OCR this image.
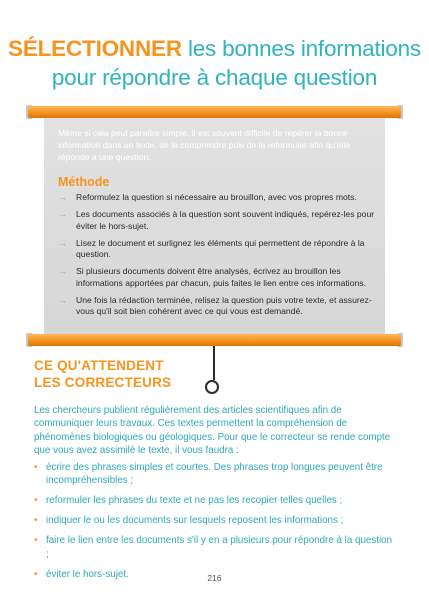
SÉLECTIONNER les bonnes informations
pour répondre à chaque question
Même si cela peut paraître simple, il est souvent difficile de repérer la bonne information dans un texte, de la comprendre puis de la reformuler afin qu'elle réponde à une question.
Méthode
→ Reformulez la question si nécessaire au brouillon, avec vos propres mots.
→ Les documents associés à la question sont souvent indiqués, repérez-les pour éviter le hors-sujet.
→ Lisez le document et surlignez les éléments qui permettent de répondre à la question.
→ Si plusieurs documents doivent être analysés, écrivez au brouillon les informations apportées par chacun, puis faites le lien entre ces informations.
→ Une fois la rédaction terminée, relisez la question puis votre texte, et assurez-vous qu'il soit bien cohérent avec ce qui vous est demandé.
CE QU'ATTENDENT
LES CORRECTEURS
Les chercheurs publient régulièrement des articles scientifiques afin de communiquer leurs travaux. Ces textes permettent la compréhension de phénomènes biologiques ou géologiques. Pour que le correcteur se rende compte que vous avez assimilé le texte, il vous faudra :
• écrire des phrases simples et courtes. Des phrases trop longues peuvent être incompréhensibles ;
• reformuler les phrases du texte et ne pas les recopier telles quelles ;
• indiquer le ou les documents sur lesquels reposent les informations ;
• faire le lien entre les documents s'il y en a plusieurs pour répondre à la question ;
• éviter le hors-sujet.	216
